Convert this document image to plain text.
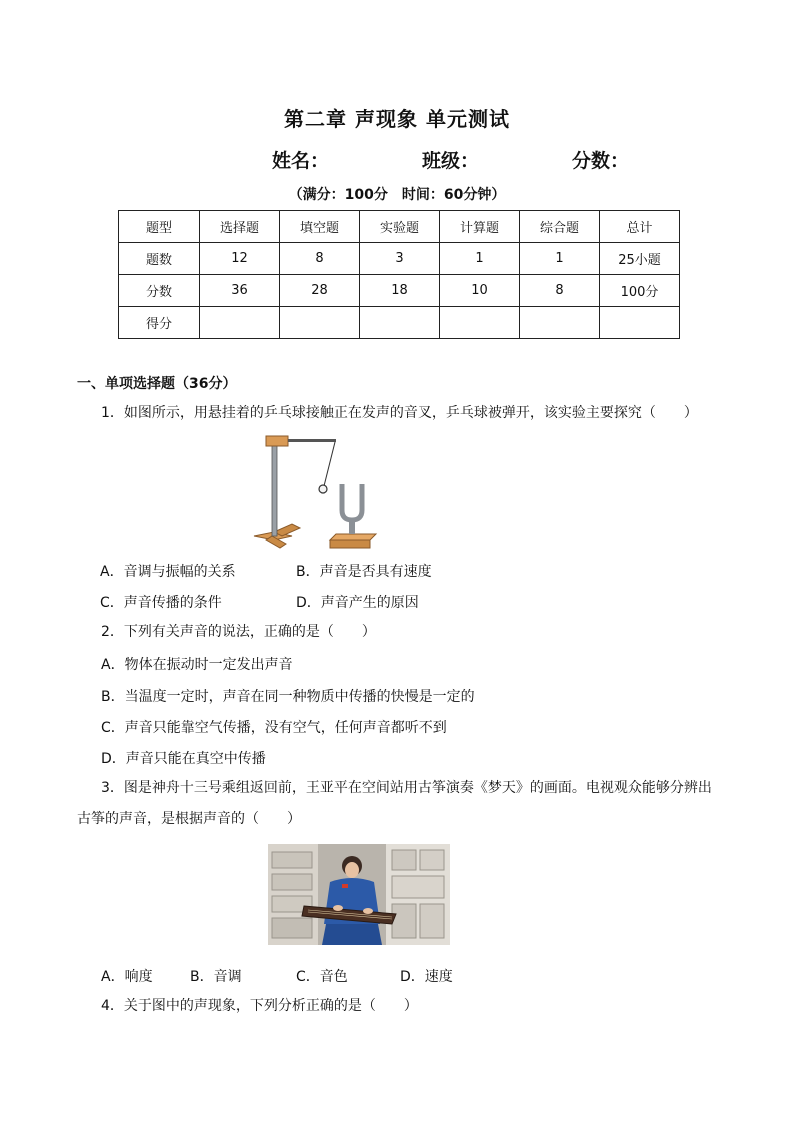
第二章 声现象 单元测试
姓名：	班级：	分数：
（满分：100分　时间：60分钟）
题型	选择题	填空题	实验题	计算题	综合题	总计
题数	12	8	3	1	1	25小题
分数	36	28	18	10	8	100分
得分						
一、单项选择题（36分）
1．如图所示，用悬挂着的乒乓球接触正在发声的音叉，乒乓球被弹开，该实验主要探究（　　）
A．音调与振幅的关系	B．声音是否具有速度
C．声音传播的条件	D．声音产生的原因
2．下列有关声音的说法，正确的是（　　）
A．物体在振动时一定发出声音
B．当温度一定时，声音在同一种物质中传播的快慢是一定的
C．声音只能靠空气传播，没有空气，任何声音都听不到
D．声音只能在真空中传播
3．图是神舟十三号乘组返回前，王亚平在空间站用古筝演奏《梦天》的画面。电视观众能够分辨出
古筝的声音，是根据声音的（　　）
A．响度	B．音调	C．音色	D．速度
4．关于图中的声现象，下列分析正确的是（　　）
